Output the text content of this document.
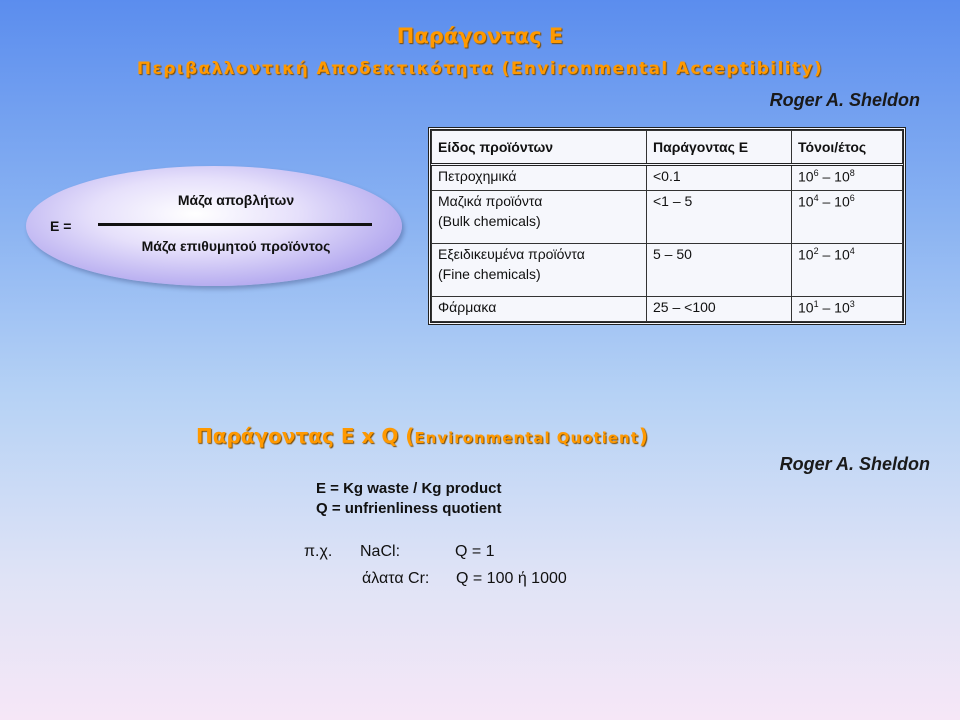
Παράγοντας Ε
Περιβαλλοντική Αποδεκτικότητα (Environmental Acceptibility)
Roger A. Sheldon
Ε =
Μάζα αποβλήτων
Μάζα επιθυμητού προϊόντος
Είδος προϊόντων	Παράγοντας Ε	Τόνοι/έτος
Πετροχημικά	<0.1	$10^6 - 10^8$
Μαζικά προϊόντα
(Bulk chemicals)	<1 – 5	$10^4 - 10^6$
Εξειδικευμένα προϊόντα
(Fine chemicals)	5 – 50	$10^2 - 10^4$
Φάρμακα	25 – <100	$10^1 - 10^3$
Παράγοντας Ε x Q (Environmental Quotient)
Roger A. Sheldon
E = Kg waste / Kg product
Q = unfrienliness quotient
π.χ. NaCl:	Q = 1
άλατα Cr: Q = 100 ή 1000
